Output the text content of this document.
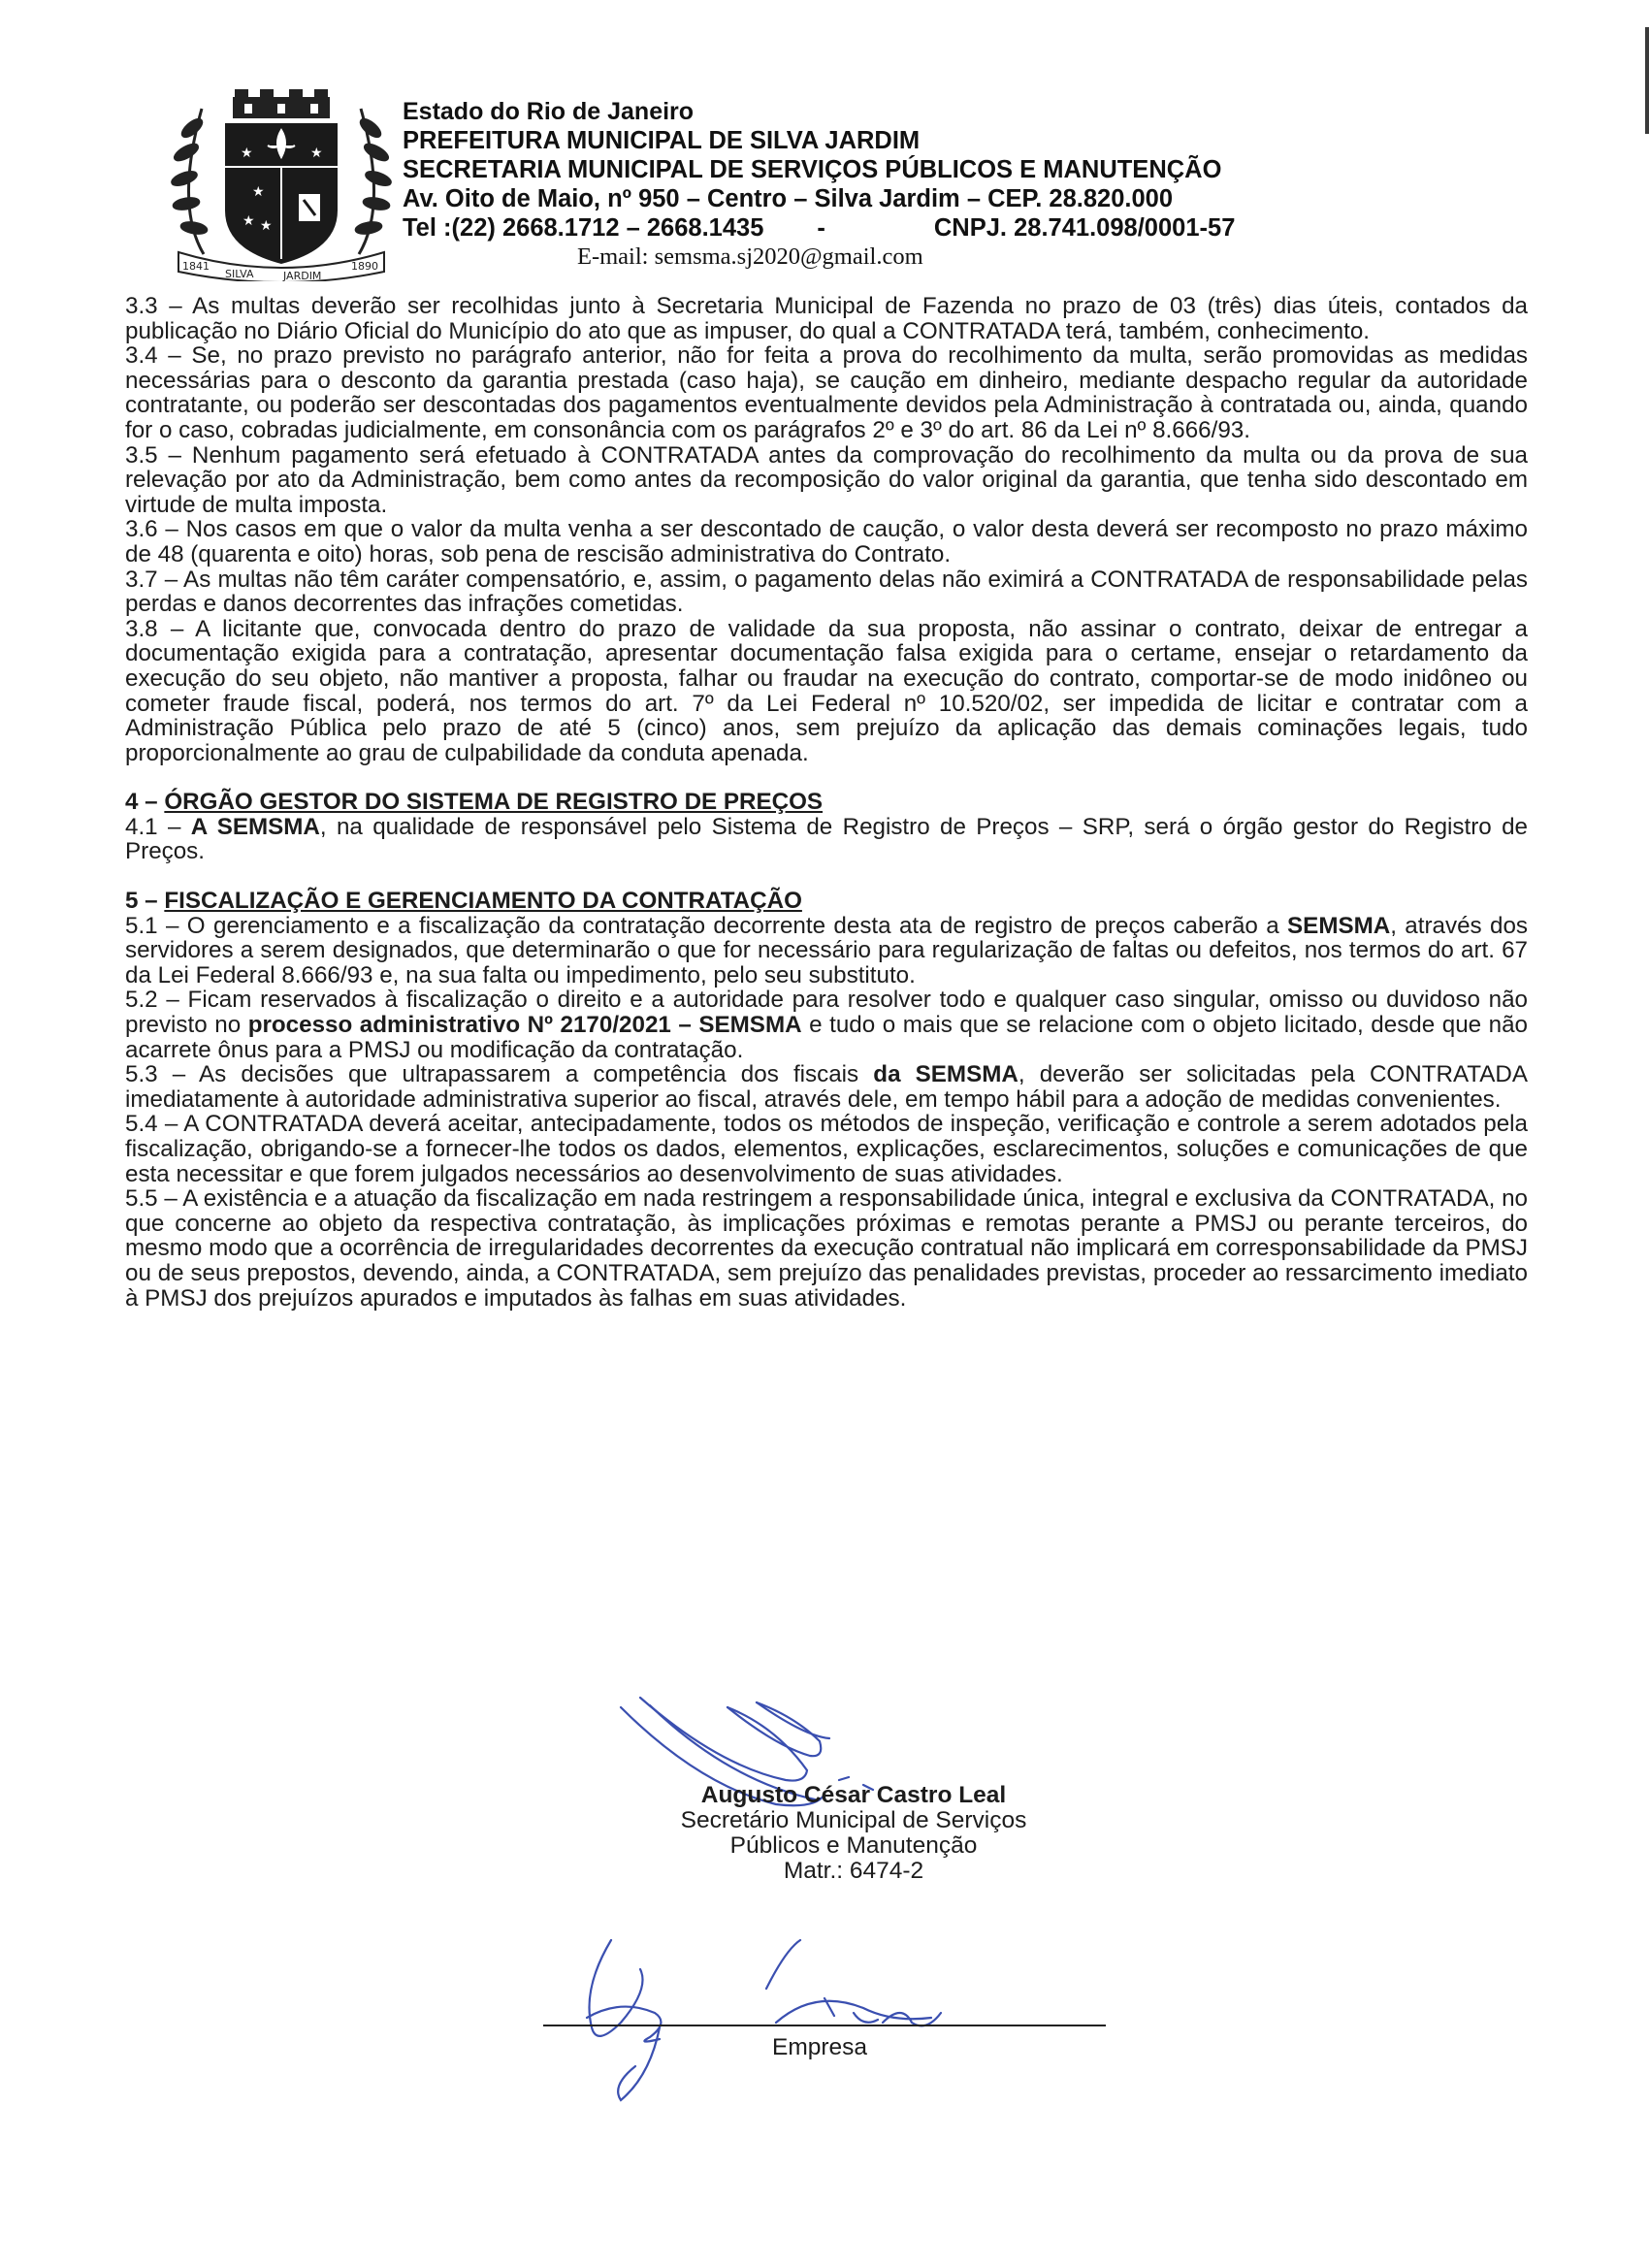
★	★
★
★ ★
1841
SILVA	JARDIM
1890
Estado do Rio de Janeiro
PREFEITURA MUNICIPAL DE SILVA JARDIM
SECRETARIA MUNICIPAL DE SERVIÇOS PÚBLICOS E MANUTENÇÃO
Av. Oito de Maio, nº 950 – Centro – Silva Jardim – CEP. 28.820.000
Tel :(22) 2668.1712 – 2668.1435	-	CNPJ. 28.741.098/0001-57
E-mail: semsma.sj2020@gmail.com

3.3 – As multas deverão ser recolhidas junto à Secretaria Municipal de Fazenda no prazo de 03 (três) dias úteis, contados da publicação no Diário Oficial do Município do ato que as impuser, do qual a CONTRATADA terá, também, conhecimento.

3.4 – Se, no prazo previsto no parágrafo anterior, não for feita a prova do recolhimento da multa, serão promovidas as medidas necessárias para o desconto da garantia prestada (caso haja), se caução em dinheiro, mediante despacho regular da autoridade contratante, ou poderão ser descontadas dos pagamentos eventualmente devidos pela Administração à contratada ou, ainda, quando for o caso, cobradas judicialmente, em consonância com os parágrafos 2º e 3º do art. 86 da Lei nº 8.666/93.

3.5 – Nenhum pagamento será efetuado à CONTRATADA antes da comprovação do recolhimento da multa ou da prova de sua relevação por ato da Administração, bem como antes da recomposição do valor original da garantia, que tenha sido descontado em virtude de multa imposta.

3.6 – Nos casos em que o valor da multa venha a ser descontado de caução, o valor desta deverá ser recomposto no prazo máximo de 48 (quarenta e oito) horas, sob pena de rescisão administrativa do Contrato.

3.7 – As multas não têm caráter compensatório, e, assim, o pagamento delas não eximirá a CONTRATADA de responsabilidade pelas perdas e danos decorrentes das infrações cometidas.

3.8 – A licitante que, convocada dentro do prazo de validade da sua proposta, não assinar o contrato, deixar de entregar a documentação exigida para a contratação, apresentar documentação falsa exigida para o certame, ensejar o retardamento da execução do seu objeto, não mantiver a proposta, falhar ou fraudar na execução do contrato, comportar-se de modo inidôneo ou cometer fraude fiscal, poderá, nos termos do art. 7º da Lei Federal nº 10.520/02, ser impedida de licitar e contratar com a Administração Pública pelo prazo de até 5 (cinco) anos, sem prejuízo da aplicação das demais cominações legais, tudo proporcionalmente ao grau de culpabilidade da conduta apenada.

4 – ÓRGÃO GESTOR DO SISTEMA DE REGISTRO DE PREÇOS

4.1 – A SEMSMA, na qualidade de responsável pelo Sistema de Registro de Preços – SRP, será o órgão gestor do Registro de Preços.

5 – FISCALIZAÇÃO E GERENCIAMENTO DA CONTRATAÇÃO

5.1 – O gerenciamento e a fiscalização da contratação decorrente desta ata de registro de preços caberão a SEMSMA, através dos servidores a serem designados, que determinarão o que for necessário para regularização de faltas ou defeitos, nos termos do art. 67 da Lei Federal 8.666/93 e, na sua falta ou impedimento, pelo seu substituto.

5.2 – Ficam reservados à fiscalização o direito e a autoridade para resolver todo e qualquer caso singular, omisso ou duvidoso não previsto no processo administrativo Nº 2170/2021 – SEMSMA e tudo o mais que se relacione com o objeto licitado, desde que não acarrete ônus para a PMSJ ou modificação da contratação.

5.3 – As decisões que ultrapassarem a competência dos fiscais da SEMSMA, deverão ser solicitadas pela CONTRATADA imediatamente à autoridade administrativa superior ao fiscal, através dele, em tempo hábil para a adoção de medidas convenientes.

5.4 – A CONTRATADA deverá aceitar, antecipadamente, todos os métodos de inspeção, verificação e controle a serem adotados pela fiscalização, obrigando-se a fornecer-lhe todos os dados, elementos, explicações, esclarecimentos, soluções e comunicações de que esta necessitar e que forem julgados necessários ao desenvolvimento de suas atividades.

5.5 – A existência e a atuação da fiscalização em nada restringem a responsabilidade única, integral e exclusiva da CONTRATADA, no que concerne ao objeto da respectiva contratação, às implicações próximas e remotas perante a PMSJ ou perante terceiros, do mesmo modo que a ocorrência de irregularidades decorrentes da execução contratual não implicará em corresponsabilidade da PMSJ ou de seus prepostos, devendo, ainda, a CONTRATADA, sem prejuízo das penalidades previstas, proceder ao ressarcimento imediato à PMSJ dos prejuízos apurados e imputados às falhas em suas atividades.

Augusto César Castro Leal
Secretário Municipal de Serviços
Públicos e Manutenção
Matr.: 6474-2
Empresa
